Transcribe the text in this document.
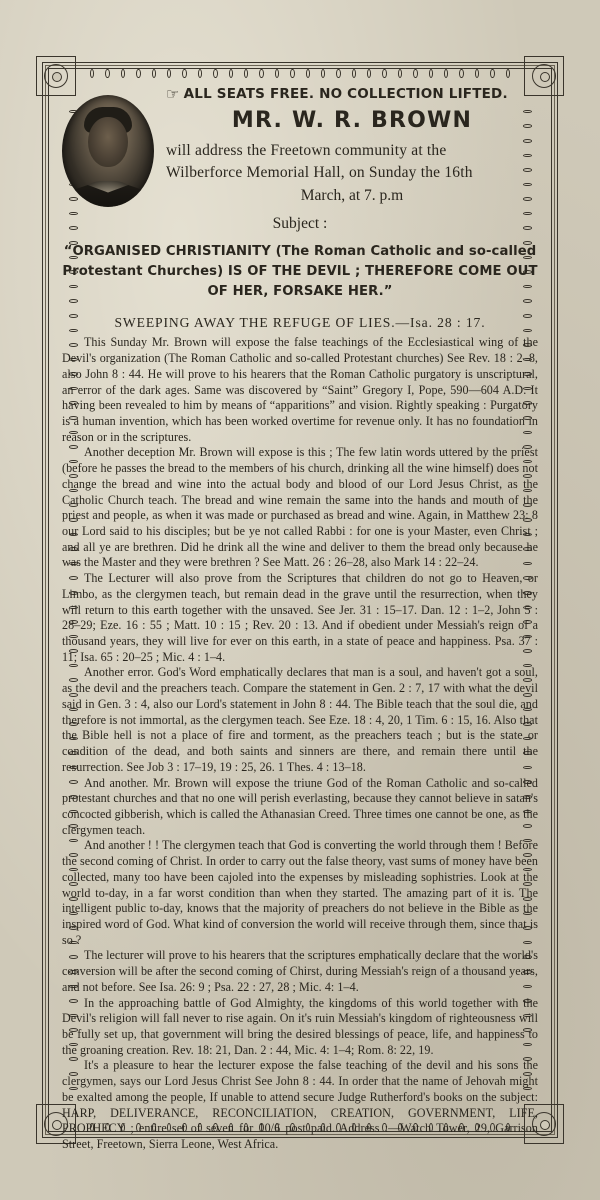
☞ ALL SEATS FREE. NO COLLECTION LIFTED.
MR. W. R. BROWN
will address the Freetown community at the
Wilberforce Memorial Hall, on Sunday the 16th
March, at 7. p.m
Subject :
“ORGANISED CHRISTIANITY (The Roman Catholic and so-called Protestant Churches) IS OF THE DEVIL ; THEREFORE COME OUT OF HER, FORSAKE HER.”
SWEEPING AWAY THE REFUGE OF LIES.—Isa. 28 : 17.

This Sunday Mr. Brown will expose the false teachings of the Ecclesiastical wing of the Devil's organization (The Roman Catholic and so-called Protestant churches) See Rev. 18 : 2–8, also John 8 : 44. He will prove to his hearers that the Roman Catholic purgatory is unscriptural, an error of the dark ages. Same was discovered by “Saint” Gregory I, Pope, 590—604 A.D. It having been revealed to him by means of “apparitions” and vision. Rightly speaking : Purgatory is a human invention, which has been worked overtime for revenue only. It has no foundation in reason or in the scriptures.

Another deception Mr. Brown will expose is this ; The few latin words uttered by the priest (before he passes the bread to the members of his church, drinking all the wine himself) does not change the bread and wine into the actual body and blood of our Lord Jesus Christ, as the Catholic Church teach. The bread and wine remain the same into the hands and mouth of the priest and people, as when it was made or purchased as bread and wine. Again, in Matthew 23: 8 our Lord said to his disciples; but be ye not called Rabbi : for one is your Master, even Christ ; and all ye are brethren. Did he drink all the wine and deliver to them the bread only because he was the Master and they were brethren ? See Matt. 26 : 26–28, also Mark 14 : 22–24.

The Lecturer will also prove from the Scriptures that children do not go to Heaven, or Limbo, as the clergymen teach, but remain dead in the grave until the resurrection, when they will return to this earth together with the unsaved. See Jer. 31 : 15–17. Dan. 12 : 1–2, John 5 : 28–29; Eze. 16 : 55 ; Matt. 10 : 15 ; Rev. 20 : 13. And if obedient under Messiah's reign of a thousand years, they will live for ever on this earth, in a state of peace and happiness. Psa. 37 : 11; Isa. 65 : 20–25 ; Mic. 4 : 1–4.

Another error. God's Word emphatically declares that man is a soul, and haven't got a soul, as the devil and the preachers teach. Compare the statement in Gen. 2 : 7, 17 with what the devil said in Gen. 3 : 4, also our Lord's statement in John 8 : 44. The Bible teach that the soul die, and therefore is not immortal, as the clergymen teach. See Eze. 18 : 4, 20, 1 Tim. 6 : 15, 16. Also that the Bible hell is not a place of fire and torment, as the preachers teach ; but is the state or condition of the dead, and both saints and sinners are there, and remain there until the resurrection. See Job 3 : 17–19, 19 : 25, 26. 1 Thes. 4 : 13–18.

And another. Mr. Brown will expose the triune God of the Roman Catholic and so-called protestant churches and that no one will perish everlasting, because they cannot believe in satan's concocted gibberish, which is called the Athanasian Creed. Three times one cannot be one, as the clergymen teach.

And another ! ! The clergymen teach that God is converting the world through them ! Before the second coming of Christ. In order to carry out the false theory, vast sums of money have been collected, many too have been cajoled into the expenses by misleading sophistries. Look at the world to-day, in a far worst condition than when they started. The amazing part of it is. The intelligent public to-day, knows that the majority of preachers do not believe in the Bible as the inspired word of God. What kind of conversion the world will receive through them, since that is so ?

The lecturer will prove to his hearers that the scriptures emphatically declare that the world's conversion will be after the second coming of Chirst, during Messiah's reign of a thousand years, and not before. See Isa. 26: 9 ; Psa. 22 : 27, 28 ; Mic. 4: 1–4.

In the approaching battle of God Almighty, the kingdoms of this world together with the Devil's religion will fall never to rise again. On it's ruin Messiah's kingdom of righteousness will be fully set up, that government will bring the desired blessings of peace, life, and happiness to the groaning creation. Rev. 18: 21, Dan. 2 : 44, Mic. 4: 1–4; Rom. 8: 22, 19.

It's a pleasure to hear the lecturer expose the false teaching of the devil and his sons the clergymen, says our Lord Jesus Christ See John 8 : 44. In order that the name of Jehovah might be exalted among the people, If unable to attend secure Judge Rutherford's books on the subject: HARP, DELIVERANCE, RECONCILIATION, CREATION, GOVERNMENT, LIFE, PROPHECY ; entire set of seven for 10/6 post paid. Address :—Watch Tower, 29, Garrison Street, Freetown, Sierra Leone, West Africa.
